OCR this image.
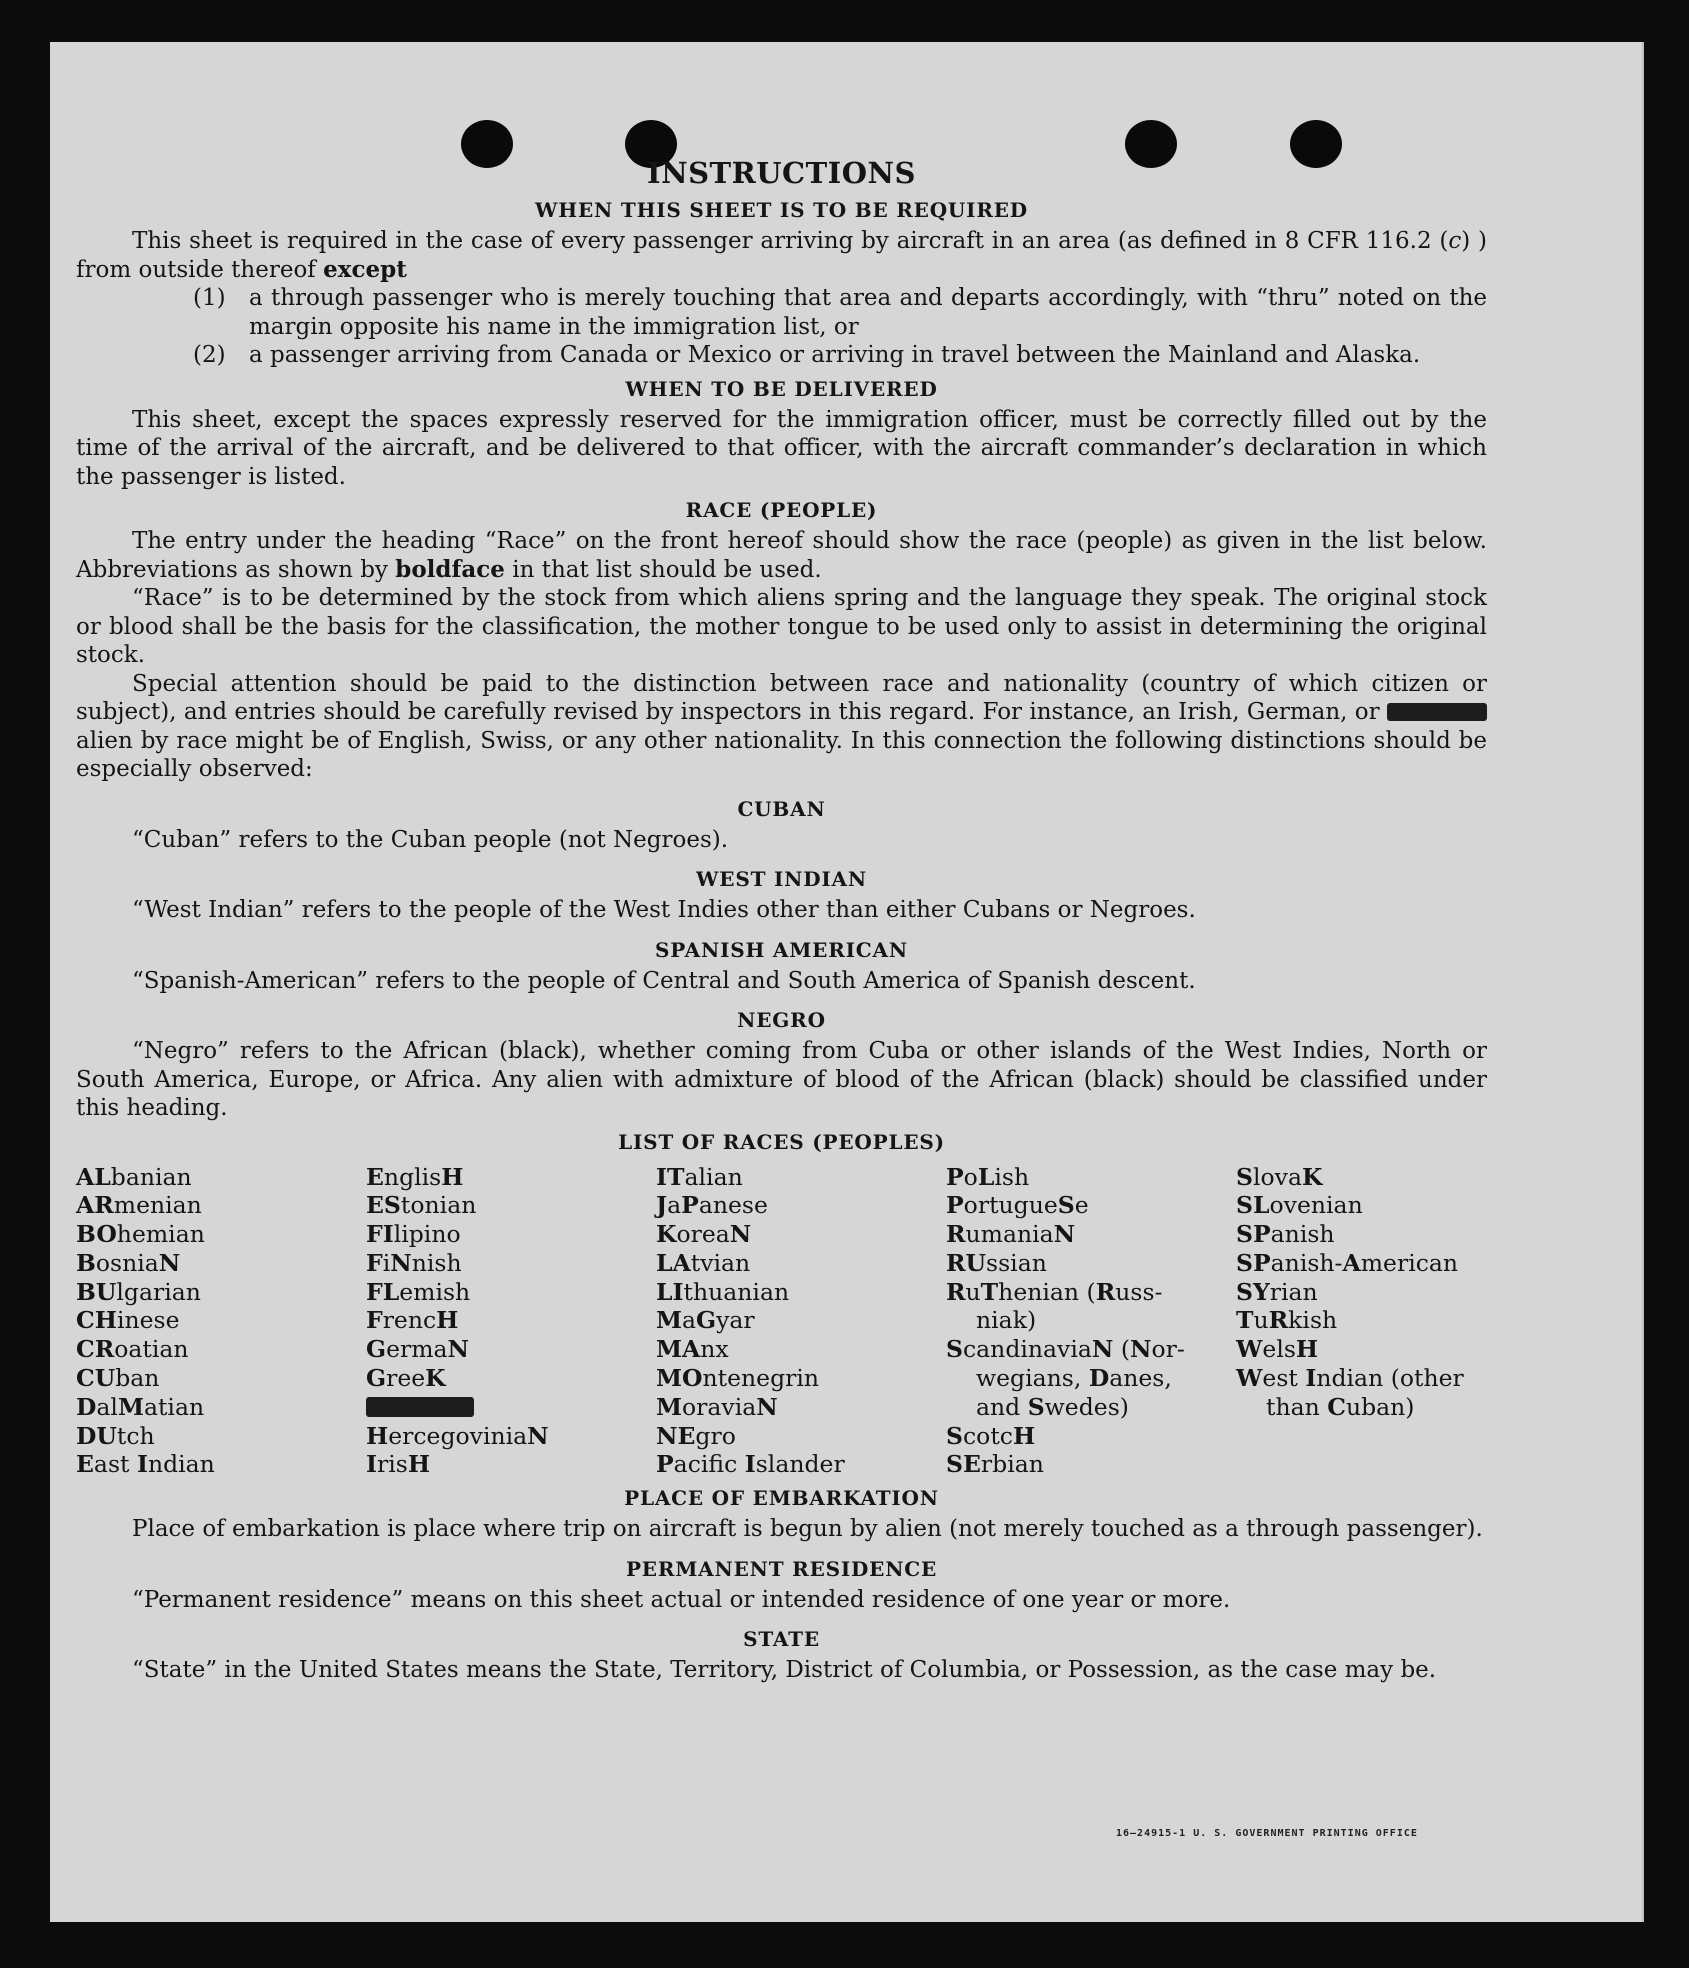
INSTRUCTIONS
WHEN THIS SHEET IS TO BE REQUIRED

This sheet is required in the case of every passenger arriving by aircraft in an area (as defined in 8 CFR 116.2 (c) ) from outside thereof except

(1)	a through passenger who is merely touching that area and departs accordingly, with “thru” noted on the margin opposite his name in the immigration list, or
(2)	a passenger arriving from Canada or Mexico or arriving in travel between the Mainland and Alaska.
WHEN TO BE DELIVERED

This sheet, except the spaces expressly reserved for the immigration officer, must be correctly filled out by the time of the arrival of the aircraft, and be delivered to that officer, with the aircraft commander’s declaration in which the passenger is listed.

RACE (PEOPLE)

The entry under the heading “Race” on the front hereof should show the race (people) as given in the list below. Abbreviations as shown by boldface in that list should be used.

“Race” is to be determined by the stock from which aliens spring and the language they speak. The original stock or blood shall be the basis for the classification, the mother tongue to be used only to assist in determining the original stock.

Special attention should be paid to the distinction between race and nationality (country of which citizen or subject), and entries should be carefully revised by inspectors in this regard. For instance, an Irish, German, or  alien by race might be of English, Swiss, or any other nationality. In this connection the following distinctions should be especially observed:

CUBAN

“Cuban” refers to the Cuban people (not Negroes).

WEST INDIAN

“West Indian” refers to the people of the West Indies other than either Cubans or Negroes.

SPANISH AMERICAN

“Spanish-American” refers to the people of Central and South America of Spanish descent.

NEGRO

“Negro” refers to the African (black), whether coming from Cuba or other islands of the West Indies, North or South America, Europe, or Africa. Any alien with admixture of blood of the African (black) should be classified under this heading.

LIST OF RACES (PEOPLES)
ALbanian
ARmenian
BOhemian
BosniaN
BUlgarian
CHinese
CRoatian
CUban
DalMatian
DUtch
East Indian
EnglisH
EStonian
FIlipino
FiNnish
FLemish
FrencH
GermaN
GreeK
HercegoviniaN
IrisH
ITalian
JaPanese
KoreaN
LAtvian
LIthuanian
MaGyar
MAnx
MOntenegrin
MoraviaN
NEgro
Pacifc Islander
PoLish
PortugueSe
RumaniaN
RUssian
RuThenian (Russ-
niak)
ScandinaviaN (Nor-
wegians, Danes,
and Swedes)
ScotcH
SErbian
SlovaK
SLovenian
SPanish
SPanish-American
SYrian
TuRkish
WelsH
West Indian (other
than Cuban)
PLACE OF EMBARKATION

Place of embarkation is place where trip on aircraft is begun by alien (not merely touched as a through passenger).

PERMANENT RESIDENCE

“Permanent residence” means on this sheet actual or intended residence of one year or more.

STATE

“State” in the United States means the State, Territory, District of Columbia, or Possession, as the case may be.

16—24915-1 U. S. GOVERNMENT PRINTING OFFICE
